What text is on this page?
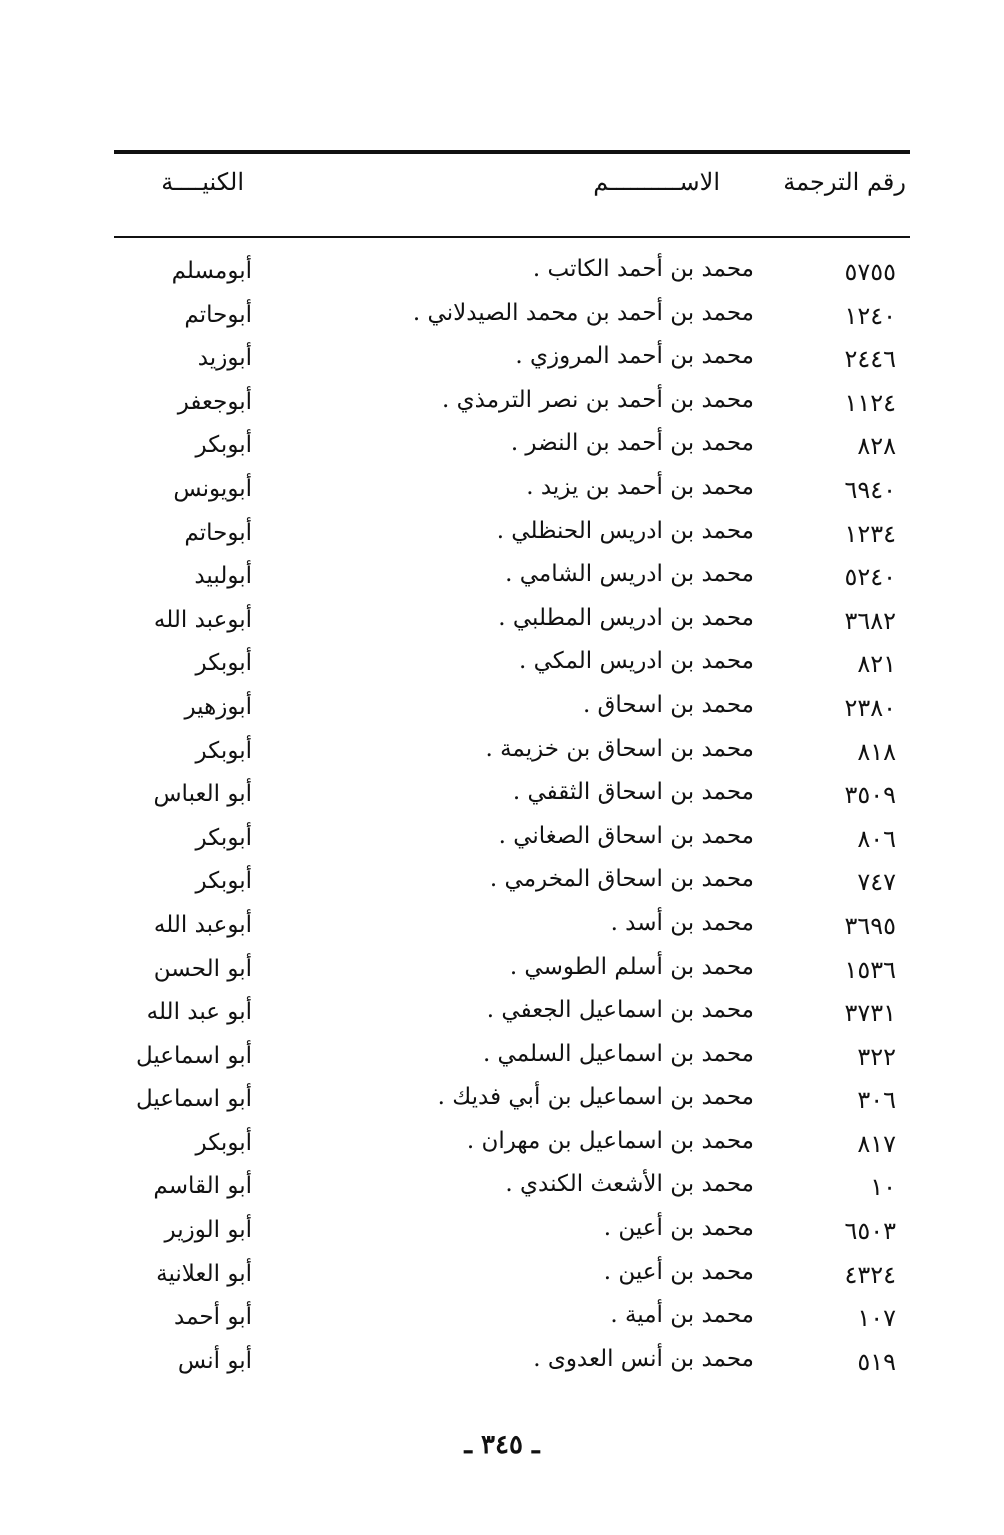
رقم الترجمة
الاســــــــــم
الكنيــــة
٥٧٥٥
محمد بن أحمد الكاتب .
أبومسلم
١٢٤٠
محمد بن أحمد بن محمد الصيدلاني .
أبوحاتم
٢٤٤٦
محمد بن أحمد المروزي .
أبوزيد
١١٢٤
محمد بن أحمد بن نصر الترمذي .
أبوجعفر
٨٢٨
محمد بن أحمد بن النضر .
أبوبكر
٦٩٤٠
محمد بن أحمد بن يزيد .
أبويونس
١٢٣٤
محمد بن ادريس الحنظلي .
أبوحاتم
٥٢٤٠
محمد بن ادريس الشامي .
أبولبيد
٣٦٨٢
محمد بن ادريس المطلبي .
أبوعبد الله
٨٢١
محمد بن ادريس المكي .
أبوبكر
٢٣٨٠
محمد بن اسحاق .
أبوزهير
٨١٨
محمد بن اسحاق بن خزيمة .
أبوبكر
٣٥٠٩
محمد بن اسحاق الثقفي .
أبو العباس
٨٠٦
محمد بن اسحاق الصغاني .
أبوبكر
٧٤٧
محمد بن اسحاق المخرمي .
أبوبكر
٣٦٩٥
محمد بن أسد .
أبوعبد الله
١٥٣٦
محمد بن أسلم الطوسي .
أبو الحسن
٣٧٣١
محمد بن اسماعيل الجعفي .
أبو عبد الله
٣٢٢
محمد بن اسماعيل السلمي .
أبو اسماعيل
٣٠٦
محمد بن اسماعيل بن أبي فديك .
أبو اسماعيل
٨١٧
محمد بن اسماعيل بن مهران .
أبوبكر
١٠
محمد بن الأشعث الكندي .
أبو القاسم
٦٥٠٣
محمد بن أعين .
أبو الوزير
٤٣٢٤
محمد بن أعين .
أبو العلانية
١٠٧
محمد بن أمية .
أبو أحمد
٥١٩
محمد بن أنس العدوى .
أبو أنس
ـ ٣٤٥ ـ
